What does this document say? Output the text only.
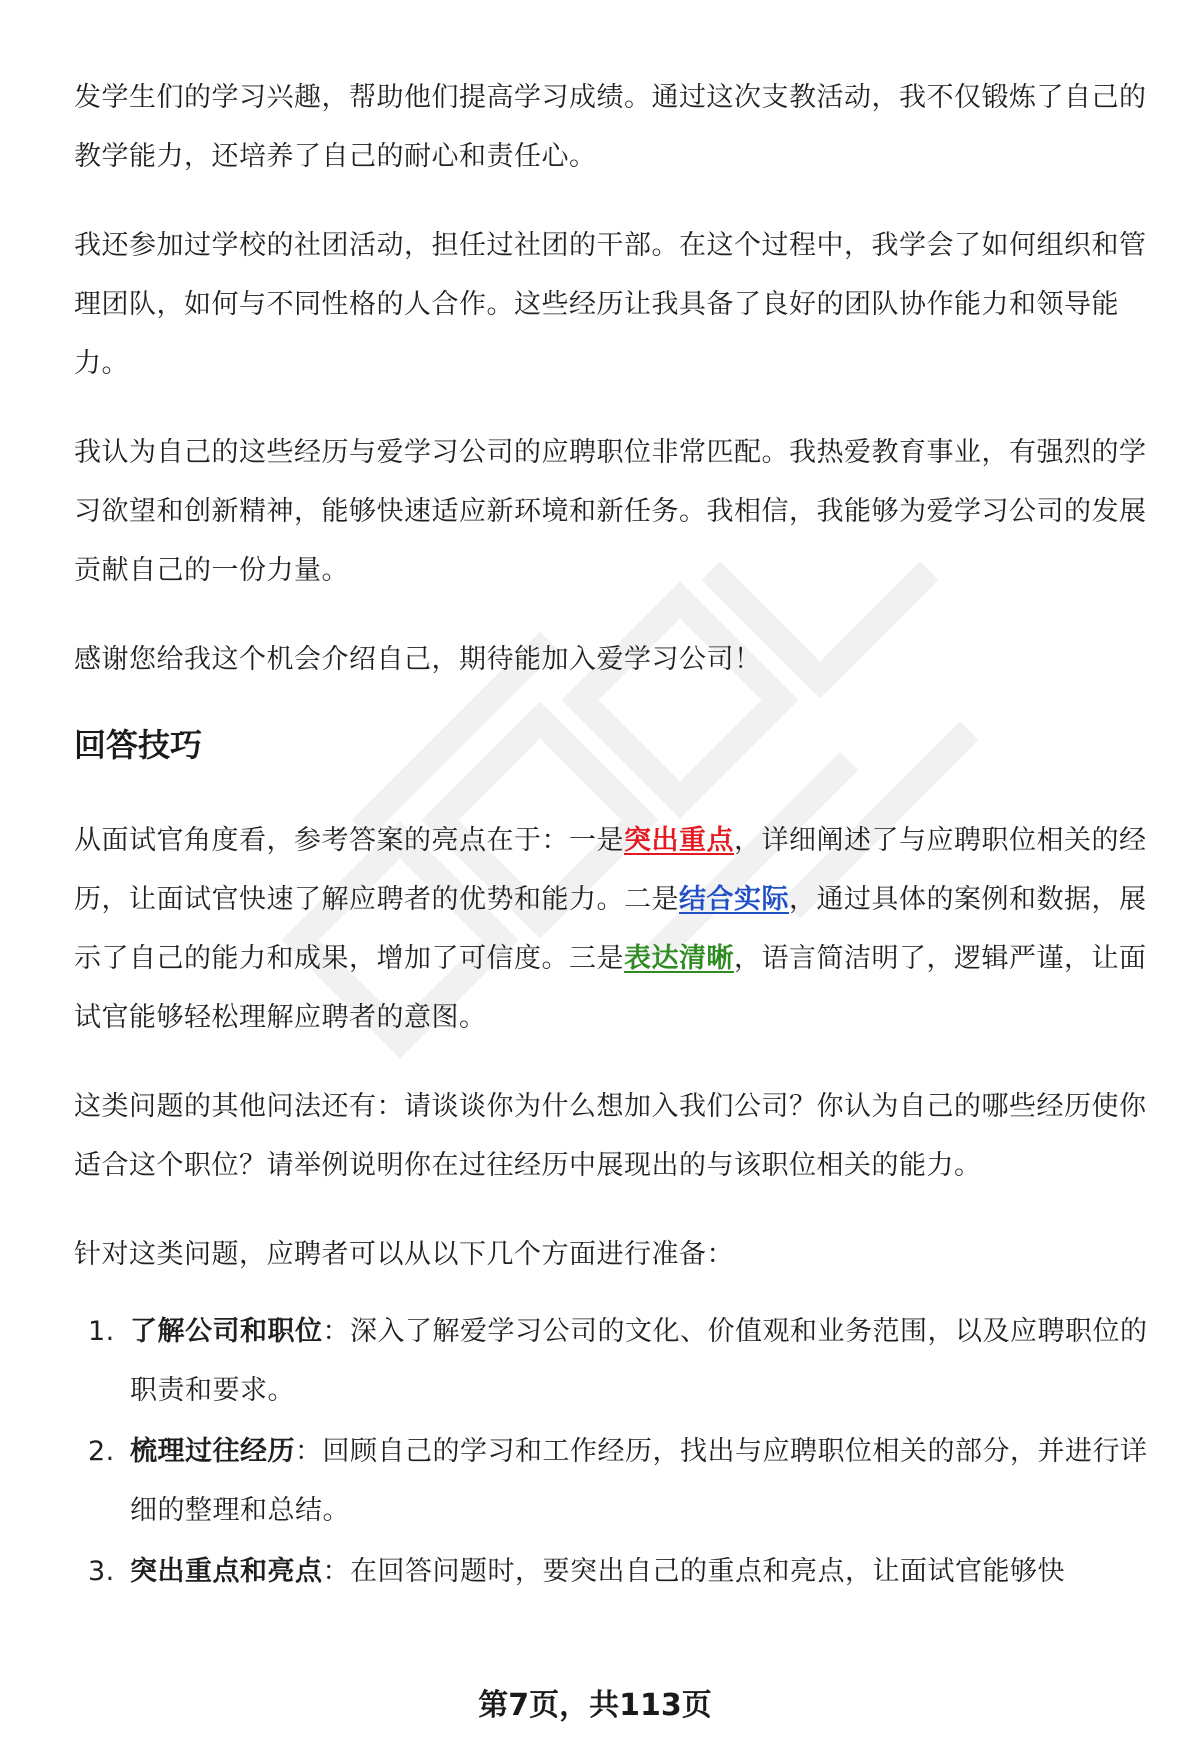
发学生们的学习兴趣，帮助他们提高学习成绩。通过这次支教活动，我不仅锻炼了自己的教学能力，还培养了自己的耐心和责任心。

我还参加过学校的社团活动，担任过社团的干部。在这个过程中，我学会了如何组织和管理团队，如何与不同性格的人合作。这些经历让我具备了良好的团队协作能力和领导能力。

我认为自己的这些经历与爱学习公司的应聘职位非常匹配。我热爱教育事业，有强烈的学习欲望和创新精神，能够快速适应新环境和新任务。我相信，我能够为爱学习公司的发展贡献自己的一份力量。

感谢您给我这个机会介绍自己，期待能加入爱学习公司！

回答技巧

从面试官角度看，参考答案的亮点在于：一是突出重点，详细阐述了与应聘职位相关的经历，让面试官快速了解应聘者的优势和能力。二是结合实际，通过具体的案例和数据，展示了自己的能力和成果，增加了可信度。三是表达清晰，语言简洁明了，逻辑严谨，让面试官能够轻松理解应聘者的意图。

这类问题的其他问法还有：请谈谈你为什么想加入我们公司？你认为自己的哪些经历使你适合这个职位？请举例说明你在过往经历中展现出的与该职位相关的能力。

针对这类问题，应聘者可以从以下几个方面进行准备：

1. 了解公司和职位：深入了解爱学习公司的文化、价值观和业务范围，以及应聘职位的职责和要求。
2. 梳理过往经历：回顾自己的学习和工作经历，找出与应聘职位相关的部分，并进行详细的整理和总结。
3. 突出重点和亮点：在回答问题时，要突出自己的重点和亮点，让面试官能够快
第7页，共113页
